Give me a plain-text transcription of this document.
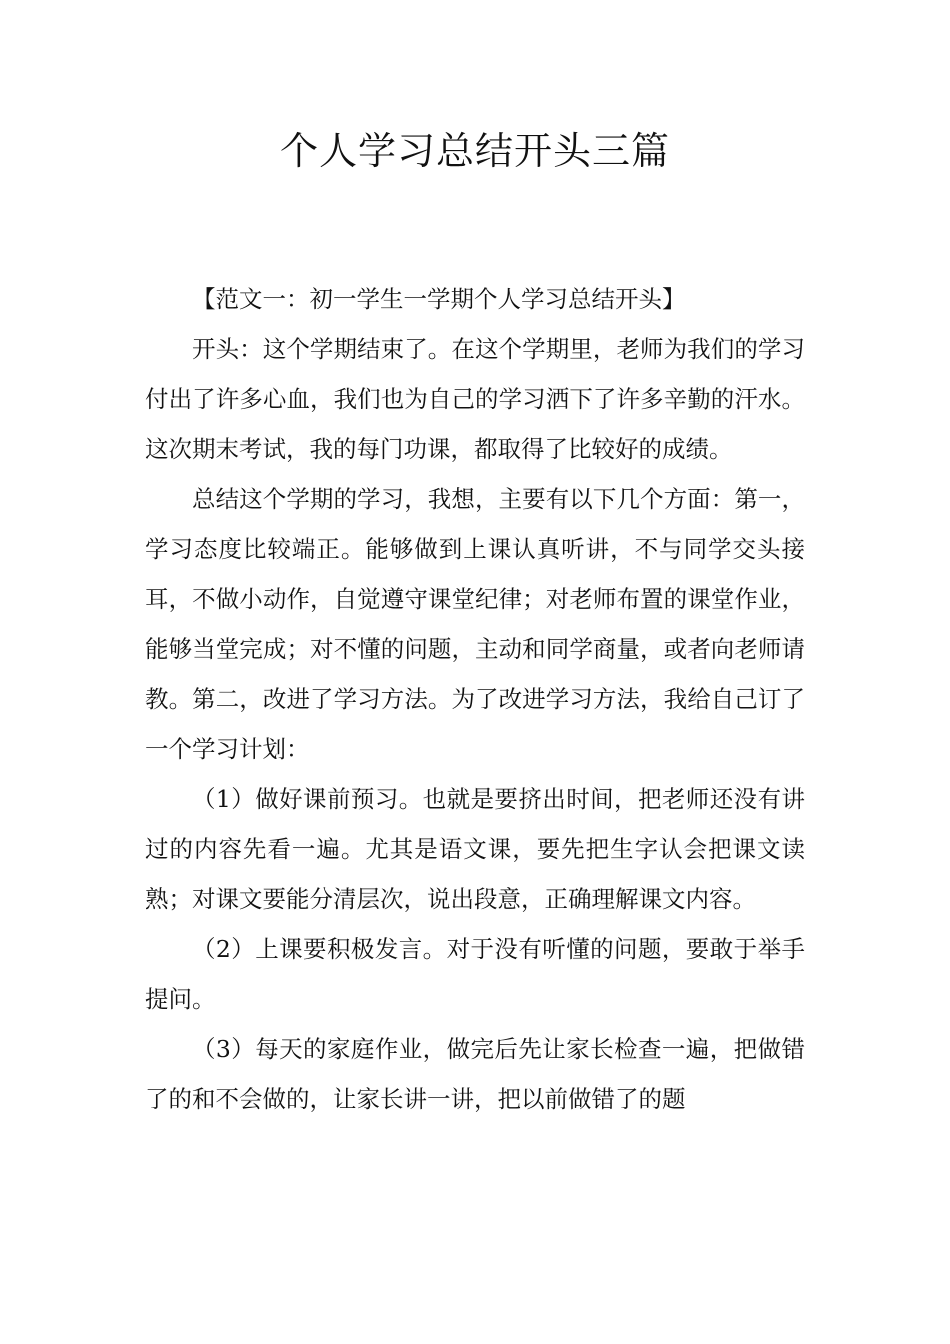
个人学习总结开头三篇

【范文一：初一学生一学期个人学习总结开头】

开头：这个学期结束了。在这个学期里，老师为我们的学习付出了许多心血，我们也为自己的学习洒下了许多辛勤的汗水。这次期末考试，我的每门功课，都取得了比较好的成绩。

总结这个学期的学习，我想，主要有以下几个方面：第一，学习态度比较端正。能够做到上课认真听讲，不与同学交头接耳，不做小动作，自觉遵守课堂纪律；对老师布置的课堂作业，能够当堂完成；对不懂的问题，主动和同学商量，或者向老师请教。第二，改进了学习方法。为了改进学习方法，我给自己订了一个学习计划：

（1）做好课前预习。也就是要挤出时间，把老师还没有讲过的内容先看一遍。尤其是语文课，要先把生字认会把课文读熟；对课文要能分清层次，说出段意，正确理解课文内容。

（2）上课要积极发言。对于没有听懂的问题，要敢于举手提问。

（3）每天的家庭作业，做完后先让家长检查一遍，把做错了的和不会做的，让家长讲一讲，把以前做错了的题
